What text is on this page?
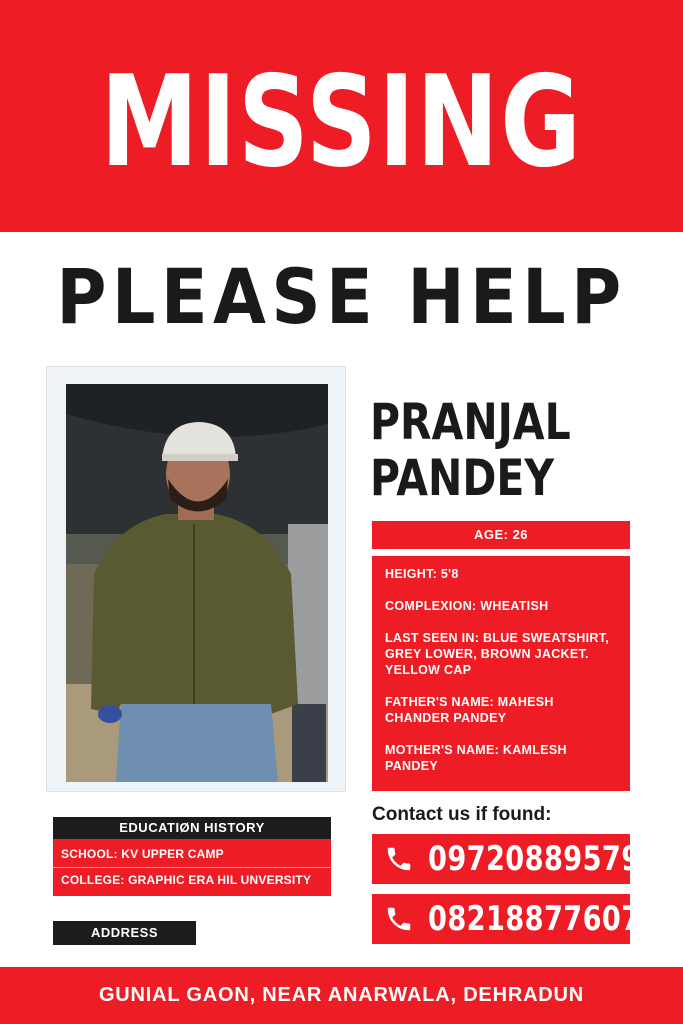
MISSING
PLEASE HELP
PRANJAL
PANDEY
AGE: 26
HEIGHT: 5'8
COMPLEXION: WHEATISH
LAST SEEN IN: BLUE SWEATSHIRT, GREY LOWER, BROWN JACKET. YELLOW CAP
FATHER'S NAME: MAHESH CHANDER PANDEY
MOTHER'S NAME: KAMLESH PANDEY
Contact us if found:
09720889579
08218877607
EDUCATIØN HISTORY
SCHOOL: KV UPPER CAMP
COLLEGE: GRAPHIC ERA HIL UNVERSITY
ADDRESS
GUNIAL GAON, NEAR ANARWALA, DEHRADUN
